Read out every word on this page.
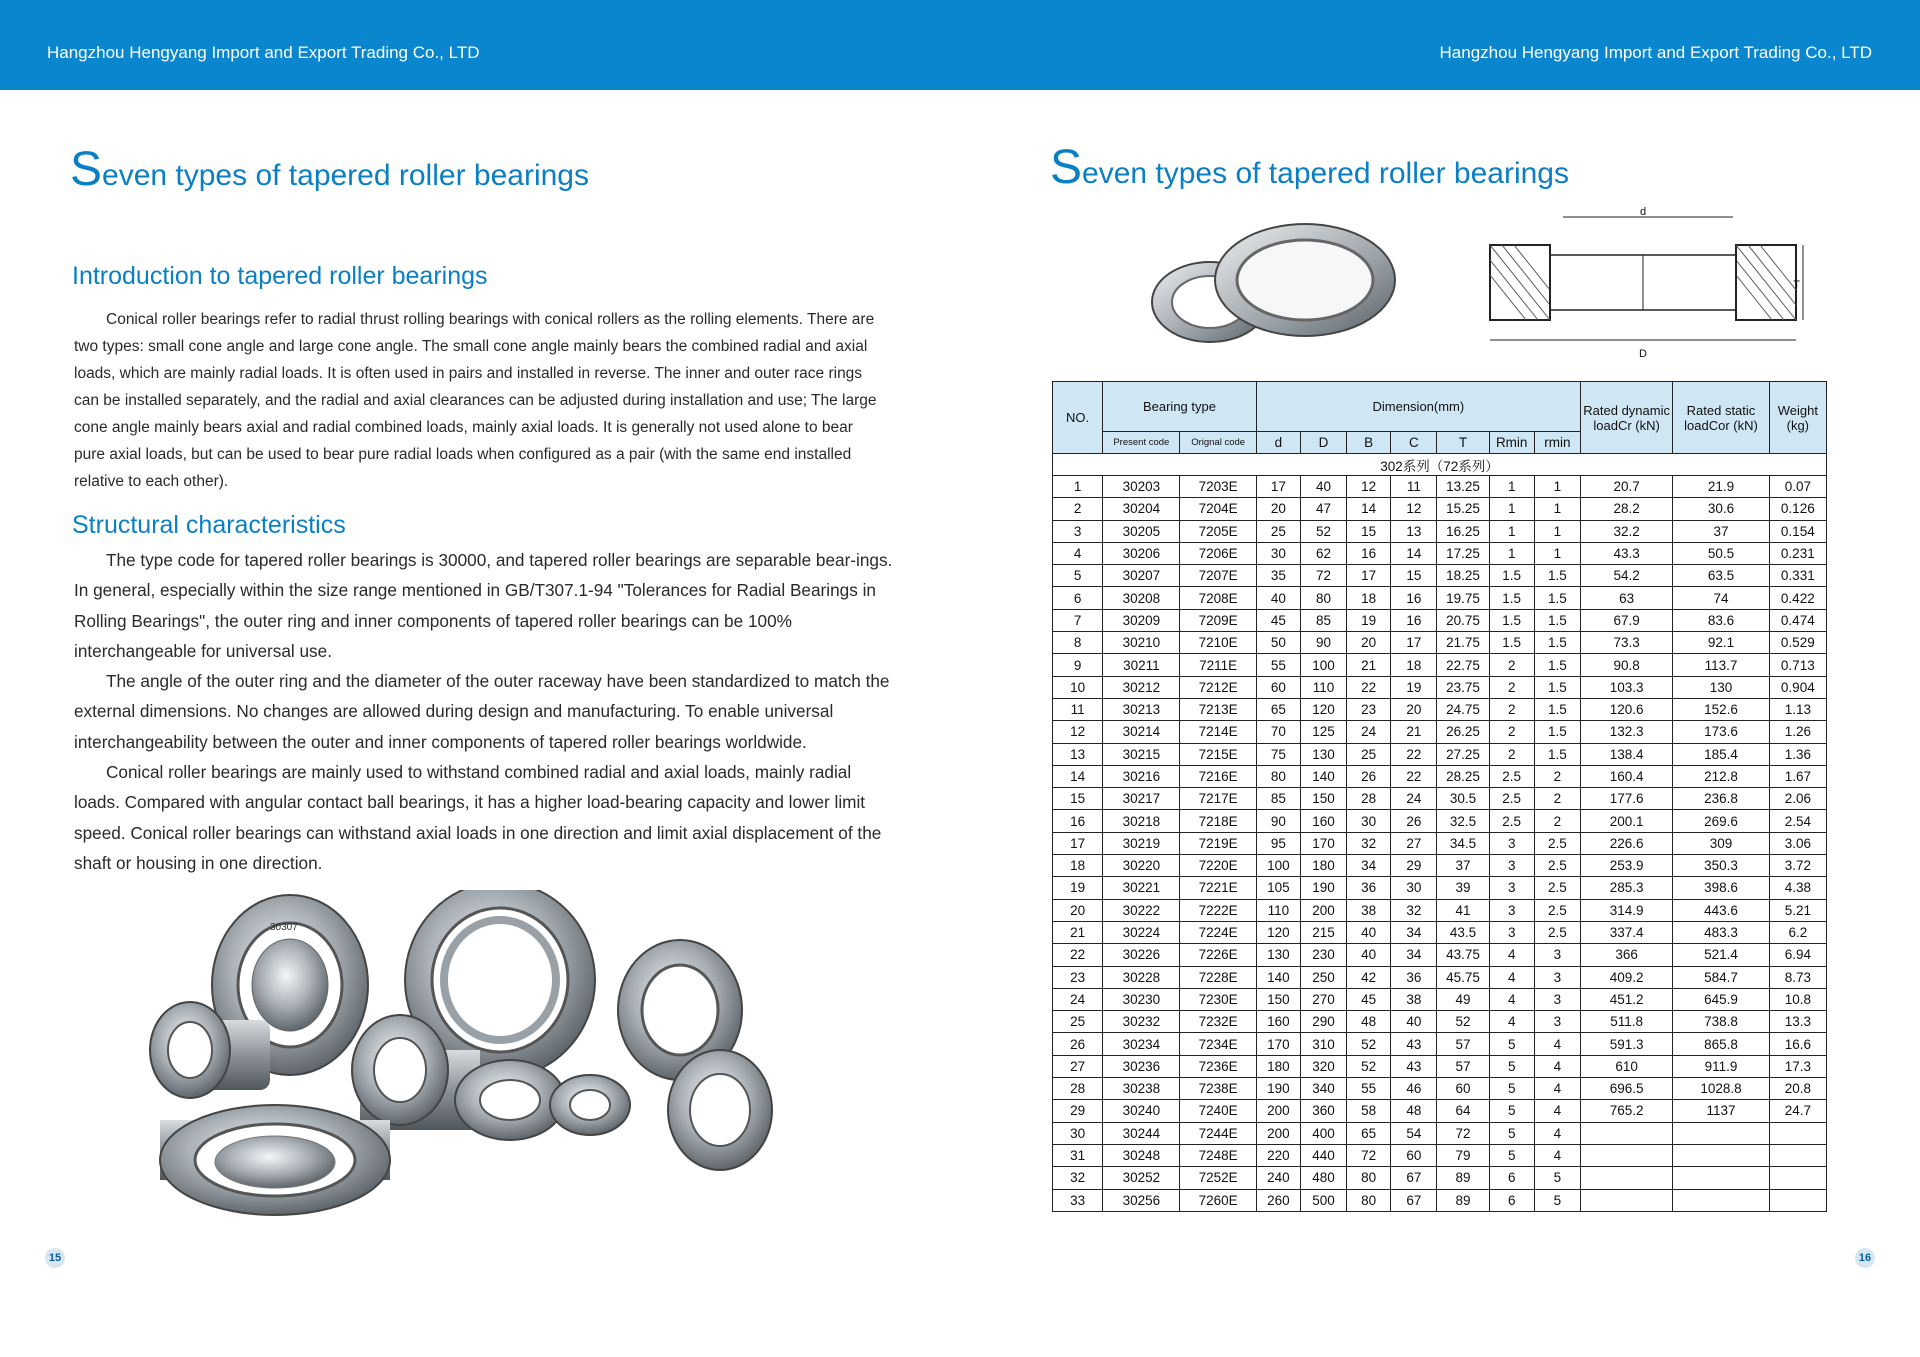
Hangzhou Hengyang Import and Export Trading Co., LTD	Hangzhou Hengyang Import and Export Trading Co., LTD
Seven types of tapered roller bearings
Introduction to tapered roller bearings

Conical roller bearings refer to radial thrust rolling bearings with conical rollers as the rolling elements. There are two types: small cone angle and large cone angle. The small cone angle mainly bears the combined radial and axial loads, which are mainly radial loads. It is often used in pairs and installed in reverse. The inner and outer race rings can be installed separately, and the radial and axial clearances can be adjusted during installation and use; The large cone angle mainly bears axial and radial combined loads, mainly axial loads. It is generally not used alone to bear pure axial loads, but can be used to bear pure radial loads when configured as a pair (with the same end installed relative to each other).

Structural characteristics

The type code for tapered roller bearings is 30000, and tapered roller bearings are separable bear-ings. In general, especially within the size range mentioned in GB/T307.1-94 "Tolerances for Radial Bearings in Rolling Bearings", the outer ring and inner components of tapered roller bearings can be 100% interchangeable for universal use.

The angle of the outer ring and the diameter of the outer raceway have been standardized to match the external dimensions. No changes are allowed during design and manufacturing. To enable universal interchangeability between the outer and inner components of tapered roller bearings worldwide.

Conical roller bearings are mainly used to withstand combined radial and axial loads, mainly radial loads. Compared with angular contact ball bearings, it has a higher load-bearing capacity and lower limit speed. Conical roller bearings can withstand axial loads in one direction and limit axial displacement of the shaft or housing in one direction.

30307
Seven types of tapered roller bearings
d
D
T
NO.	Bearing type		Dimension(mm)							Rated dynamic loadCr (kN)	Rated static loadCor (kN)	Weight (kg)
	Present code	Orignal code	d	D	B	C	T	Rmin	rmin			
302系列（72系列）												
1	30203	7203E	17	40	12	11	13.25	1	1	20.7	21.9	0.07
2	30204	7204E	20	47	14	12	15.25	1	1	28.2	30.6	0.126
3	30205	7205E	25	52	15	13	16.25	1	1	32.2	37	0.154
4	30206	7206E	30	62	16	14	17.25	1	1	43.3	50.5	0.231
5	30207	7207E	35	72	17	15	18.25	1.5	1.5	54.2	63.5	0.331
6	30208	7208E	40	80	18	16	19.75	1.5	1.5	63	74	0.422
7	30209	7209E	45	85	19	16	20.75	1.5	1.5	67.9	83.6	0.474
8	30210	7210E	50	90	20	17	21.75	1.5	1.5	73.3	92.1	0.529
9	30211	7211E	55	100	21	18	22.75	2	1.5	90.8	113.7	0.713
10	30212	7212E	60	110	22	19	23.75	2	1.5	103.3	130	0.904
11	30213	7213E	65	120	23	20	24.75	2	1.5	120.6	152.6	1.13
12	30214	7214E	70	125	24	21	26.25	2	1.5	132.3	173.6	1.26
13	30215	7215E	75	130	25	22	27.25	2	1.5	138.4	185.4	1.36
14	30216	7216E	80	140	26	22	28.25	2.5	2	160.4	212.8	1.67
15	30217	7217E	85	150	28	24	30.5	2.5	2	177.6	236.8	2.06
16	30218	7218E	90	160	30	26	32.5	2.5	2	200.1	269.6	2.54
17	30219	7219E	95	170	32	27	34.5	3	2.5	226.6	309	3.06
18	30220	7220E	100	180	34	29	37	3	2.5	253.9	350.3	3.72
19	30221	7221E	105	190	36	30	39	3	2.5	285.3	398.6	4.38
20	30222	7222E	110	200	38	32	41	3	2.5	314.9	443.6	5.21
21	30224	7224E	120	215	40	34	43.5	3	2.5	337.4	483.3	6.2
22	30226	7226E	130	230	40	34	43.75	4	3	366	521.4	6.94
23	30228	7228E	140	250	42	36	45.75	4	3	409.2	584.7	8.73
24	30230	7230E	150	270	45	38	49	4	3	451.2	645.9	10.8
25	30232	7232E	160	290	48	40	52	4	3	511.8	738.8	13.3
26	30234	7234E	170	310	52	43	57	5	4	591.3	865.8	16.6
27	30236	7236E	180	320	52	43	57	5	4	610	911.9	17.3
28	30238	7238E	190	340	55	46	60	5	4	696.5	1028.8	20.8
29	30240	7240E	200	360	58	48	64	5	4	765.2	1137	24.7
30	30244	7244E	200	400	65	54	72	5	4			
31	30248	7248E	220	440	72	60	79	5	4			
32	30252	7252E	240	480	80	67	89	6	5			
33	30256	7260E	260	500	80	67	89	6	5			
15	16
